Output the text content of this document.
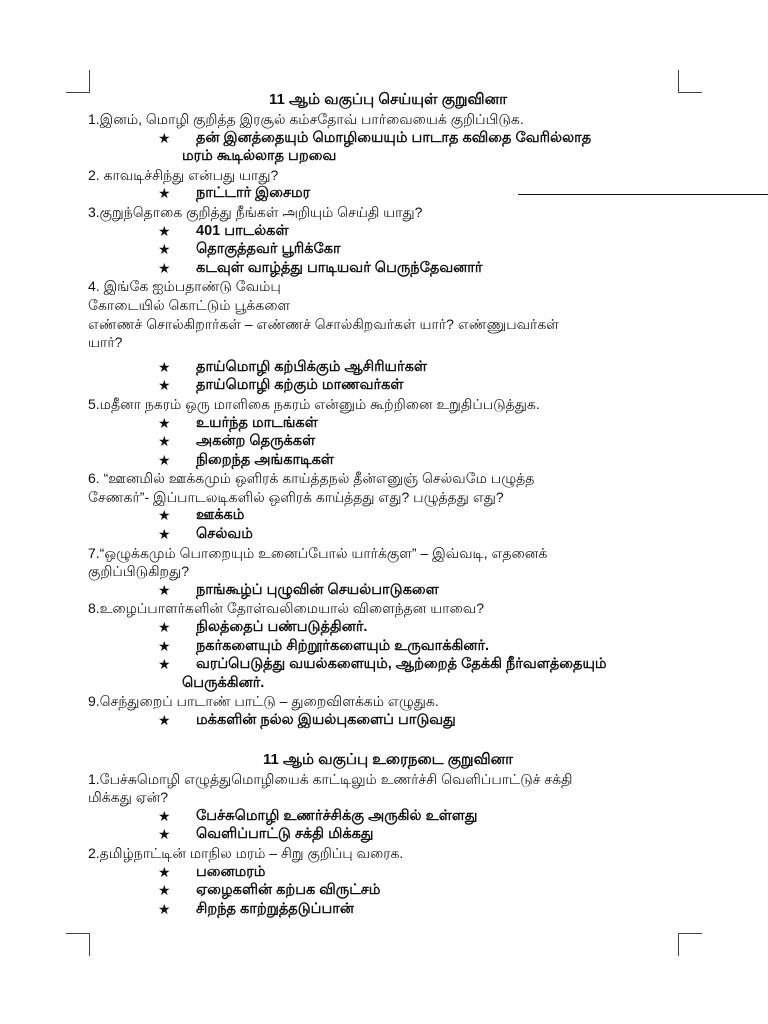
11 ஆம் வகுப்பு செய்யுள் குறுவினா
1.இனம், மொழி குறித்த இரசூல் கம்சதோவ் பார்வையைக் குறிப்பிடுக.
★	தன் இனத்தையும் மொழியையும் பாடாத கவிதை வேரில்லாத
மரம் கூடில்லாத பறவை
2. காவடிச்சிந்து என்பது யாது?
★	நாட்டார் இசைமர
3.குறுந்தொகை குறித்து நீங்கள் அறியும் செய்தி யாது?
★	401 பாடல்கள்
★	தொகுத்தவர் பூரிக்கோ
★	கடவுள் வாழ்த்து பாடியவர் பெருந்தேவனார்
4. இங்கே ஐம்பதாண்டு வேம்பு
கோடையில் கொட்டும் பூக்களை
எண்ணச் சொல்கிறார்கள் – எண்ணச் சொல்கிறவர்கள் யார்? எண்ணுபவர்கள்
யார்?
★	தாய்மொழி கற்பிக்கும் ஆசிரியர்கள்
★	தாய்மொழி கற்கும் மாணவர்கள்
5.மதீனா நகரம் ஒரு மாளிகை நகரம் என்னும் கூற்றினை உறுதிப்படுத்துக.
★	உயர்ந்த மாடங்கள்
★	அகன்ற தெருக்கள்
★	நிறைந்த அங்காடிகள்
6. “ஊனமில் ஊக்கமும் ஒளிரக் காய்த்தநல் தீன்எனுஞ் செல்வமே பழுத்த
சேணகர்”- இப்பாடலடிகளில் ஒளிரக் காய்த்தது எது? பழுத்தது எது?
★	ஊக்கம்
★	செல்வம்
7.“ஒழுக்கமும் பொறையும் உனைப்போல் யார்க்குள” – இவ்வடி, எதனைக்
குறிப்பிடுகிறது?
★	நாங்கூழ்ப் புழுவின் செயல்பாடுகளை
8.உழைப்பாளர்களின் தோள்வலிமையால் விளைந்தன யாவை?
★	நிலத்தைப் பண்படுத்தினர்.
★	நகர்களையும் சிற்றூர்களையும் உருவாக்கினர்.
★	வரப்பெடுத்து வயல்களையும், ஆற்றைத் தேக்கி நீர்வளத்தையும்
பெருக்கினர்.
9.செந்துறைப் பாடாண் பாட்டு – துறைவிளக்கம் எழுதுக.
★	மக்களின் நல்ல இயல்புகளைப் பாடுவது
11 ஆம் வகுப்பு உரைநடை குறுவினா
1.பேச்சுமொழி எழுத்துமொழியைக் காட்டிலும் உணர்ச்சி வெளிப்பாட்டுச் சக்தி
மிக்கது ஏன்?
★	பேச்சுமொழி உணர்ச்சிக்கு அருகில் உள்ளது
★	வெளிப்பாட்டு சக்தி மிக்கது
2.தமிழ்நாட்டின் மாநில மரம் – சிறு குறிப்பு வரைக.
★	பனைமரம்
★	ஏழைகளின் கற்பக விருட்சம்
★	சிறந்த காற்றுத்தடுப்பான்
